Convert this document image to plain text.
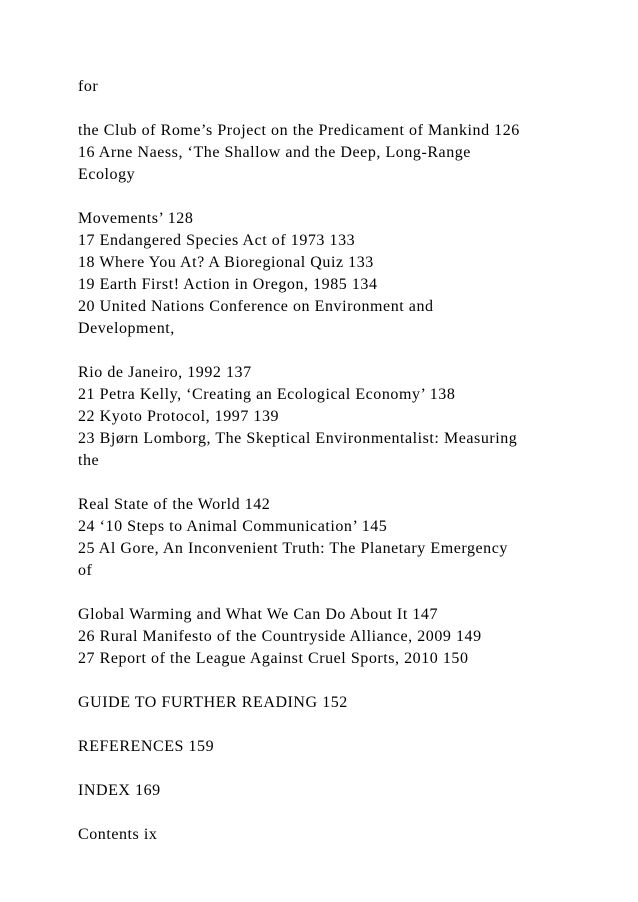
for
the Club of Rome’s Project on the Predicament of Mankind 126
16 Arne Naess, ‘The Shallow and the Deep, Long-Range
Ecology
Movements’ 128
17 Endangered Species Act of 1973 133
18 Where You At? A Bioregional Quiz 133
19 Earth First! Action in Oregon, 1985 134
20 United Nations Conference on Environment and
Development,
Rio de Janeiro, 1992 137
21 Petra Kelly, ‘Creating an Ecological Economy’ 138
22 Kyoto Protocol, 1997 139
23 Bjørn Lomborg, The Skeptical Environmentalist: Measuring
the
Real State of the World 142
24 ‘10 Steps to Animal Communication’ 145
25 Al Gore, An Inconvenient Truth: The Planetary Emergency
of
Global Warming and What We Can Do About It 147
26 Rural Manifesto of the Countryside Alliance, 2009 149
27 Report of the League Against Cruel Sports, 2010 150
GUIDE TO FURTHER READING 152
REFERENCES 159
INDEX 169
Contents ix
